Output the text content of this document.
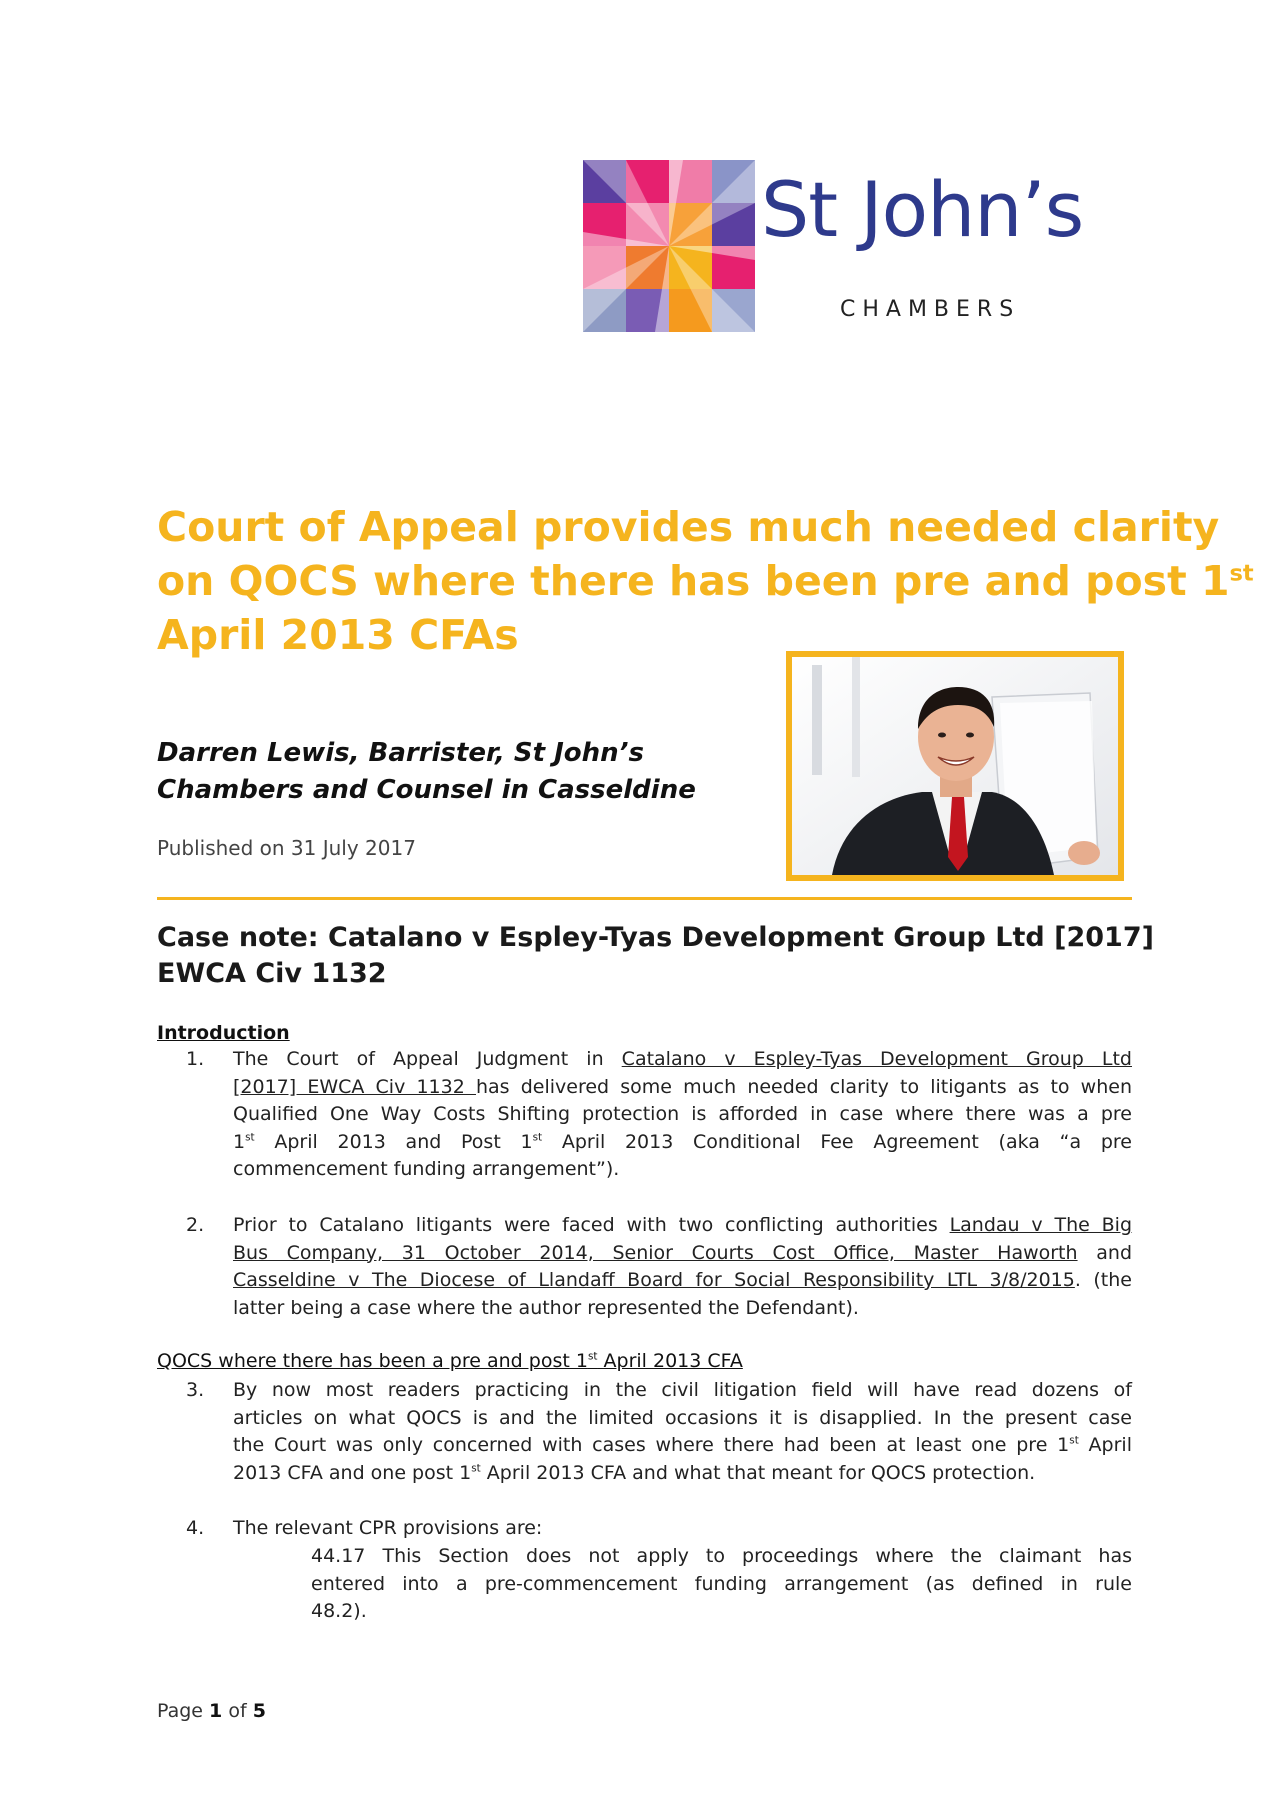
St John’s
CHAMBERS
Court of Appeal provides much needed clarity
on QOCS where there has been pre and post 1st
April 2013 CFAs
Darren Lewis, Barrister, St John’s
Chambers and Counsel in Casseldine
Published on 31 July 2017
Case note: Catalano v Espley-Tyas Development Group Ltd [2017]
EWCA Civ 1132
Introduction
1.	The Court of Appeal Judgment in Catalano v Espley-Tyas Development Group Ltd
[2017] EWCA Civ 1132 has delivered some much needed clarity to litigants as to when
Qualified One Way Costs Shifting protection is afforded in case where there was a pre
1st April 2013 and Post 1st April 2013 Conditional Fee Agreement (aka “a pre
commencement funding arrangement”).
2.	Prior to Catalano litigants were faced with two conflicting authorities Landau v The Big
Bus Company, 31 October 2014, Senior Courts Cost Office, Master Haworth and
Casseldine v The Diocese of Llandaff Board for Social Responsibility LTL 3/8/2015. (the
latter being a case where the author represented the Defendant).
QOCS where there has been a pre and post 1st April 2013 CFA
3.	By now most readers practicing in the civil litigation field will have read dozens of
articles on what QOCS is and the limited occasions it is disapplied. In the present case
the Court was only concerned with cases where there had been at least one pre 1st April
2013 CFA and one post 1st April 2013 CFA and what that meant for QOCS protection.
4.	The relevant CPR provisions are:
44.17 This Section does not apply to proceedings where the claimant has
entered into a pre-commencement funding arrangement (as defined in rule
48.2).
Page 1 of 5
